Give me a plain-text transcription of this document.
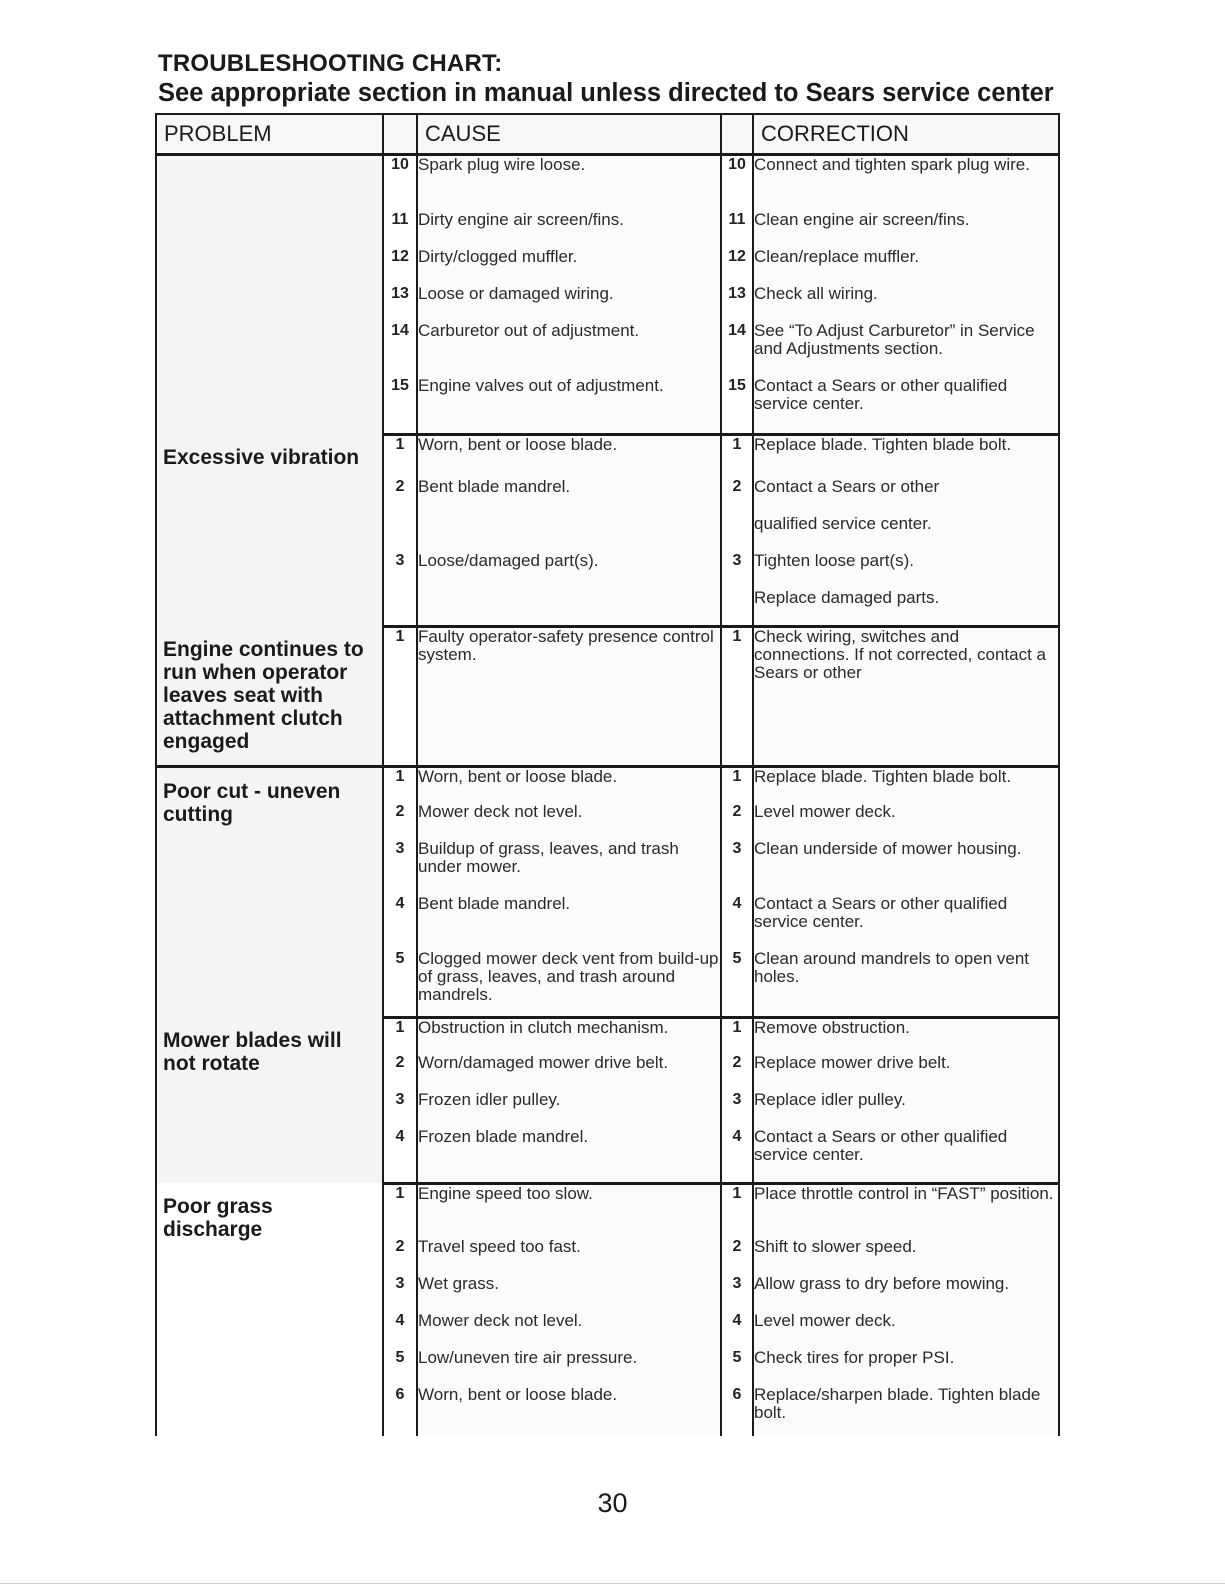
TROUBLESHOOTING CHART:
See appropriate section in manual unless directed to Sears service center
PROBLEM		CAUSE		CORRECTION

	10	Spark plug wire loose.	10	Connect and tighten spark plug wire.
	11	Dirty engine air screen/fins.	11	Clean engine air screen/fins.
	12	Dirty/clogged muffler.	12	Clean/replace muffler.
	13	Loose or damaged wiring.	13	Check all wiring.
	14	Carburetor out of adjustment.	14	See “To Adjust Carburetor” in Service and Adjustments section.
	15	Engine valves out of adjustment.	15	Contact a Sears or other qualified service center.

Excessive vibration	1	Worn, bent or loose blade.	1	Replace blade. Tighten blade bolt.
	2	Bent blade mandrel.	2	Contact a Sears or other
				qualified service center.
	3	Loose/damaged part(s).	3	Tighten loose part(s).
				Replace damaged parts.

Engine continues to
run when operator
leaves seat with
attachment clutch
engaged	1	Faulty operator-safety presence control system.	1	Check wiring, switches and connections. If not corrected, contact a Sears or other

Poor cut - uneven
cutting	1	Worn, bent or loose blade.	1	Replace blade. Tighten blade bolt.
	2	Mower deck not level.	2	Level mower deck.
	3	Buildup of grass, leaves, and trash under mower.	3	Clean underside of mower housing.
	4	Bent blade mandrel.	4	Contact a Sears or other qualified service center.
	5	Clogged mower deck vent from build-up of grass, leaves, and trash around mandrels.	5	Clean around mandrels to open vent holes.

Mower blades will
not rotate	1	Obstruction in clutch mechanism.	1	Remove obstruction.
	2	Worn/damaged mower drive belt.	2	Replace mower drive belt.
	3	Frozen idler pulley.	3	Replace idler pulley.
	4	Frozen blade mandrel.	4	Contact a Sears or other qualified service center.

Poor grass
discharge	1	Engine speed too slow.	1	Place throttle control in “FAST” position.
	2	Travel speed too fast.	2	Shift to slower speed.
	3	Wet grass.	3	Allow grass to dry before mowing.
	4	Mower deck not level.	4	Level mower deck.
	5	Low/uneven tire air pressure.	5	Check tires for proper PSI.
	6	Worn, bent or loose blade.	6	Replace/sharpen blade. Tighten blade bolt.
30
